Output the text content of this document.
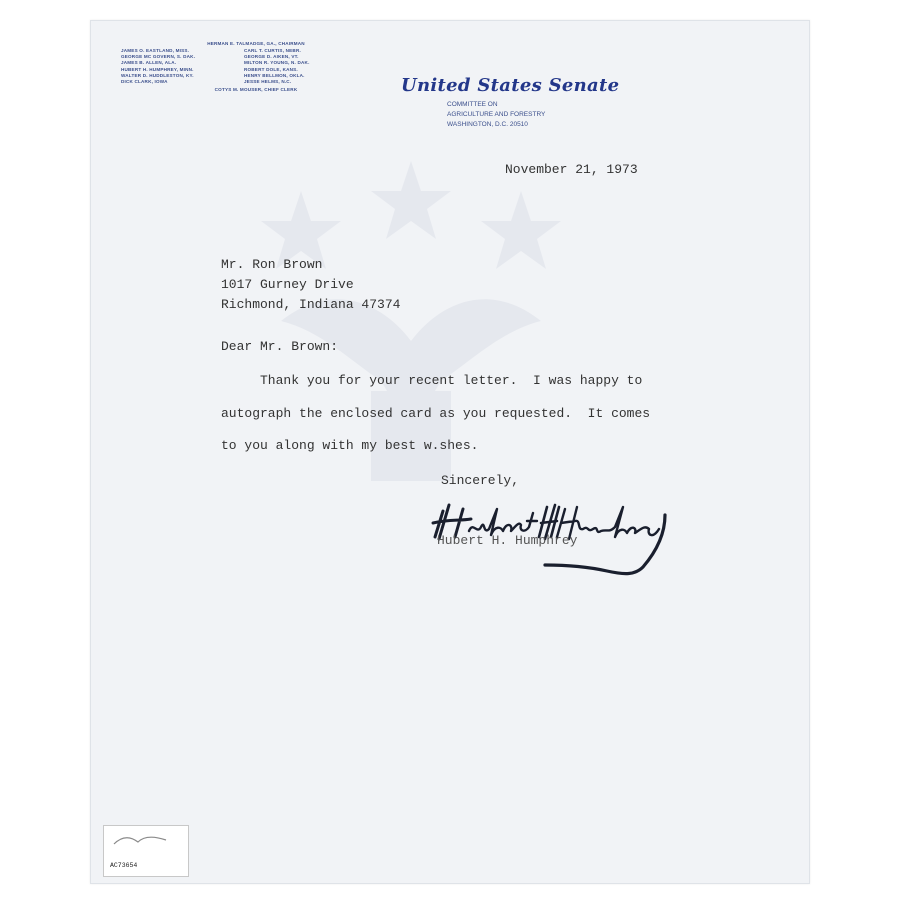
HERMAN E. TALMADGE, GA., CHAIRMAN
JAMES O. EASTLAND, MISS.	CARL T. CURTIS, NEBR.
GEORGE MC GOVERN, S. DAK.	GEORGE D. AIKEN, VT.
JAMES B. ALLEN, ALA.	MILTON R. YOUNG, N. DAK.
HUBERT H. HUMPHREY, MINN.	ROBERT DOLE, KANS.
WALTER D. HUDDLESTON, KY.	HENRY BELLMON, OKLA.
DICK CLARK, IOWA	JESSE HELMS, N.C.
COTYS M. MOUSER, CHIEF CLERK	United States Senate
COMMITTEE ON
AGRICULTURE AND FORESTRY
WASHINGTON, D.C. 20510
November 21, 1973
Mr. Ron Brown
1017 Gurney Drive
Richmond, Indiana 47374
Dear Mr. Brown:
Thank you for your recent letter.  I was happy to
autograph the enclosed card as you requested.  It comes
to you along with my best w.shes.
Sincerely,
Hubert H. Humphrey
AC73654
